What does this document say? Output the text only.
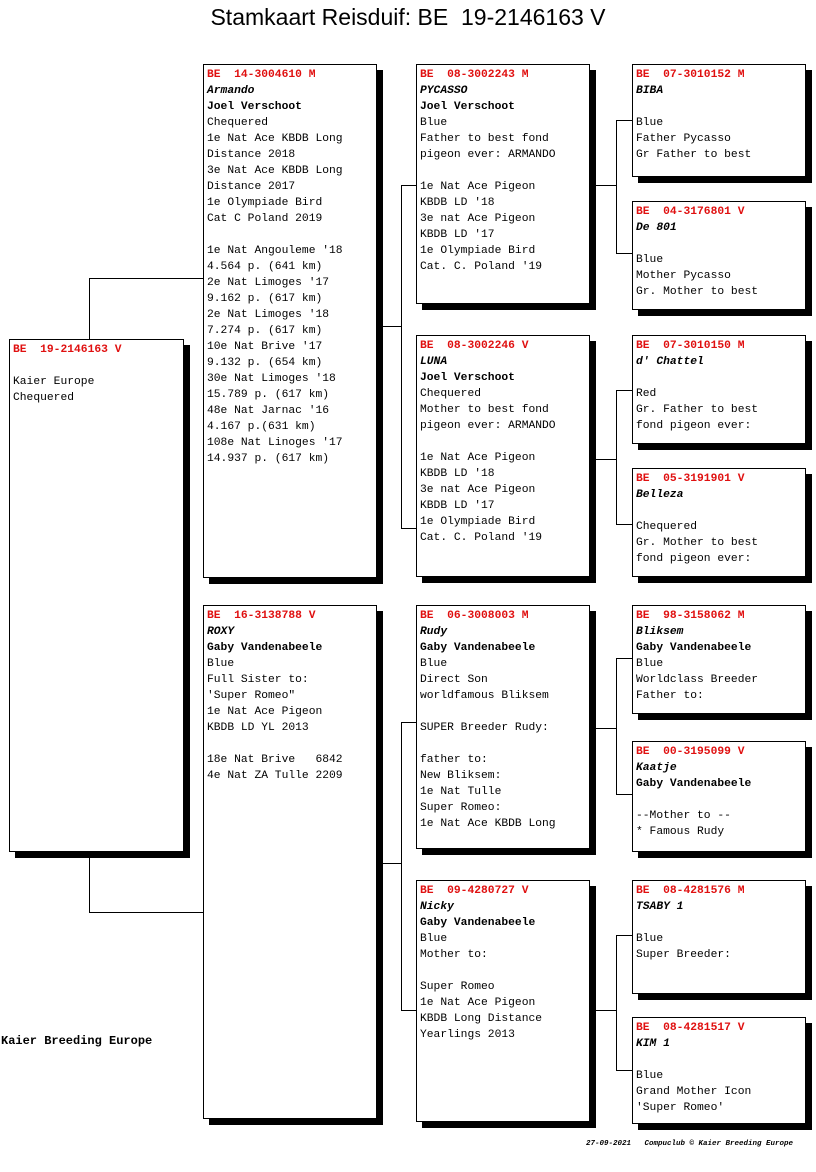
Stamkaart Reisduif: BE  19-2146163 V
BE  19-2146163 V
Kaier Europe
Chequered
BE  14-3004610 M
Armando
Joel Verschoot
Chequered
1e Nat Ace KBDB Long
Distance 2018
3e Nat Ace KBDB Long
Distance 2017
1e Olympiade Bird
Cat C Poland 2019
1e Nat Angouleme '18
4.564 p. (641 km)
2e Nat Limoges '17
9.162 p. (617 km)
2e Nat Limoges '18
7.274 p. (617 km)
10e Nat Brive '17
9.132 p. (654 km)
30e Nat Limoges '18
15.789 p. (617 km)
48e Nat Jarnac '16
4.167 p.(631 km)
108e Nat Linoges '17
14.937 p. (617 km)
BE  16-3138788 V
ROXY
Gaby Vandenabeele
Blue
Full Sister to:
'Super Romeo"
1e Nat Ace Pigeon
KBDB LD YL 2013
18e Nat Brive   6842
4e Nat ZA Tulle 2209
BE  08-3002243 M
PYCASSO
Joel Verschoot
Blue
Father to best fond
pigeon ever: ARMANDO
1e Nat Ace Pigeon
KBDB LD '18
3e nat Ace Pigeon
KBDB LD '17
1e Olympiade Bird
Cat. C. Poland '19
BE  08-3002246 V
LUNA
Joel Verschoot
Chequered
Mother to best fond
pigeon ever: ARMANDO
1e Nat Ace Pigeon
KBDB LD '18
3e nat Ace Pigeon
KBDB LD '17
1e Olympiade Bird
Cat. C. Poland '19
BE  06-3008003 M
Rudy
Gaby Vandenabeele
Blue
Direct Son
worldfamous Bliksem
SUPER Breeder Rudy:
father to:
New Bliksem:
1e Nat Tulle
Super Romeo:
1e Nat Ace KBDB Long
BE  09-4280727 V
Nicky
Gaby Vandenabeele
Blue
Mother to:
Super Romeo
1e Nat Ace Pigeon
KBDB Long Distance
Yearlings 2013
BE  07-3010152 M
BIBA
Blue
Father Pycasso
Gr Father to best
BE  04-3176801 V
De 801
Blue
Mother Pycasso
Gr. Mother to best
BE  07-3010150 M
d' Chattel
Red
Gr. Father to best
fond pigeon ever:
BE  05-3191901 V
Belleza
Chequered
Gr. Mother to best
fond pigeon ever:
BE  98-3158062 M
Bliksem
Gaby Vandenabeele
Blue
Worldclass Breeder
Father to:
BE  00-3195099 V
Kaatje
Gaby Vandenabeele
--Mother to --
* Famous Rudy
BE  08-4281576 M
TSABY 1
Blue
Super Breeder:
BE  08-4281517 V
KIM 1
Blue
Grand Mother Icon
'Super Romeo'
Kaier Breeding Europe
27-09-2021 Compuclub © Kaier Breeding Europe
